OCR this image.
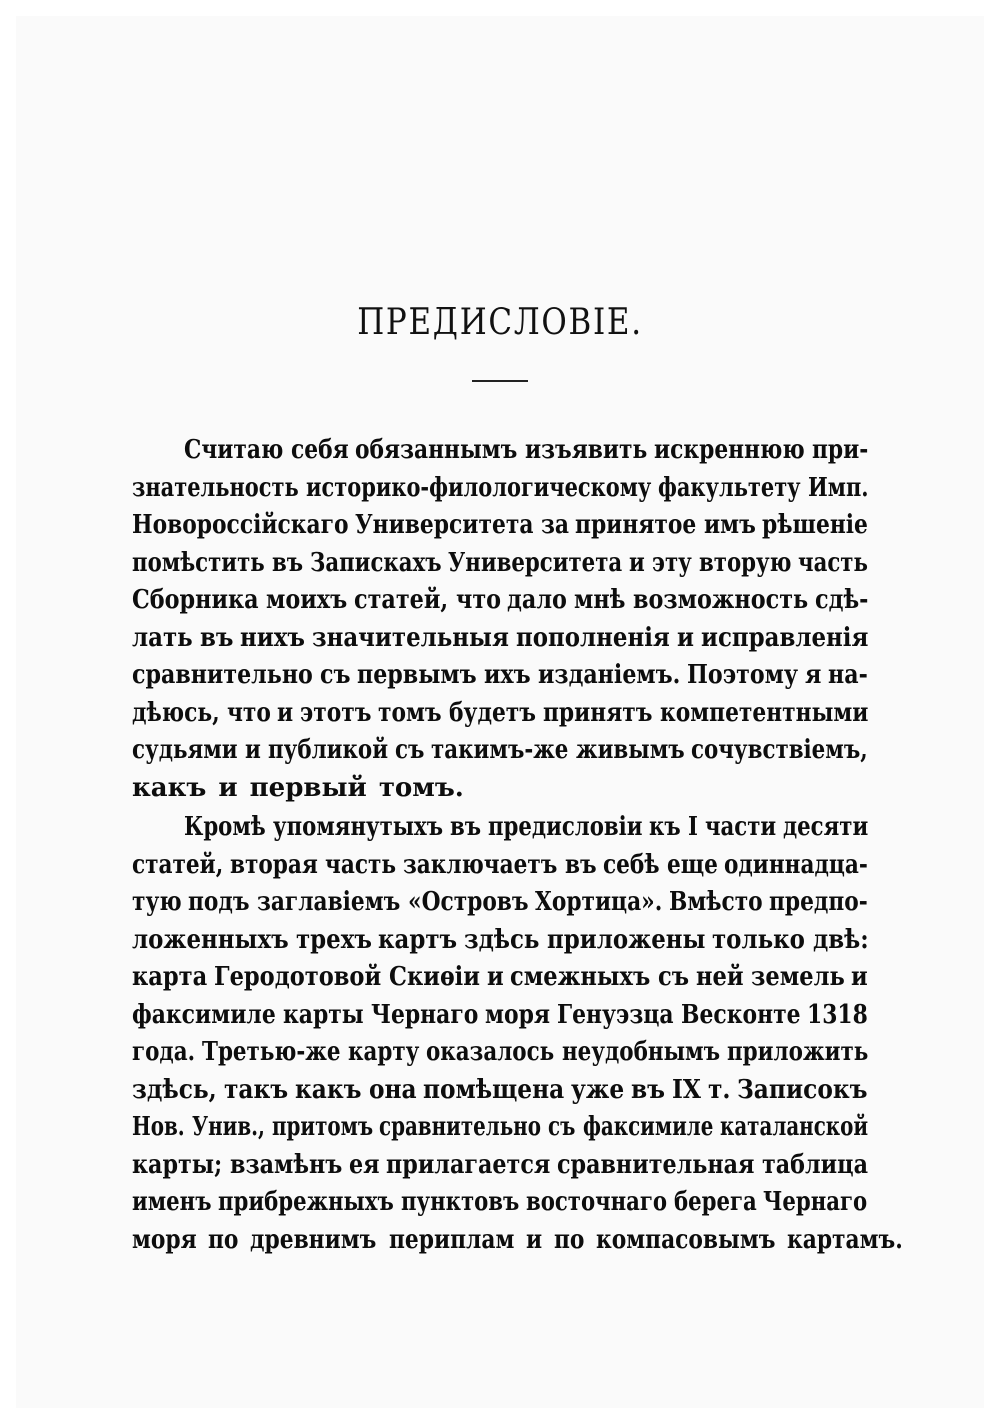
ПРЕДИСЛОВІЕ.
Считаю себя обязаннымъ изъявить искреннюю при-
знательность историко-филологическому факультету Имп.
Новороссійскаго Университета за принятое имъ рѣшеніе
помѣстить въ Запискахъ Университета и эту вторую часть
Сборника моихъ статей, что дало мнѣ возможность сдѣ-
лать въ нихъ значительныя пополненія и исправленія
сравнительно съ первымъ ихъ изданіемъ. Поэтому я на-
дѣюсь, что и этотъ томъ будетъ принятъ компетентными
судьями и публикой съ такимъ-же живымъ сочувствіемъ,
какъ и первый томъ.
Кромѣ упомянутыхъ въ предисловіи къ I части десяти
статей, вторая часть заключаетъ въ себѣ еще одиннадца-
тую подъ заглавіемъ «Островъ Хортица». Вмѣсто предпо-
ложенныхъ трехъ картъ здѣсь приложены только двѣ:
карта Геродотовой Скиѳіи и смежныхъ съ ней земель и
факсимиле карты Чернаго моря Генуэзца Весконте 1318
года. Третью-же карту оказалось неудобнымъ приложить
здѣсь, такъ какъ она помѣщена уже въ IX т. Записокъ
Нов. Унив., притомъ сравнительно съ факсимиле каталанской
карты; взамѣнъ ея прилагается сравнительная таблица
именъ прибрежныхъ пунктовъ восточнаго берега Чернаго
моря по древнимъ периплам и по компасовымъ картамъ.
